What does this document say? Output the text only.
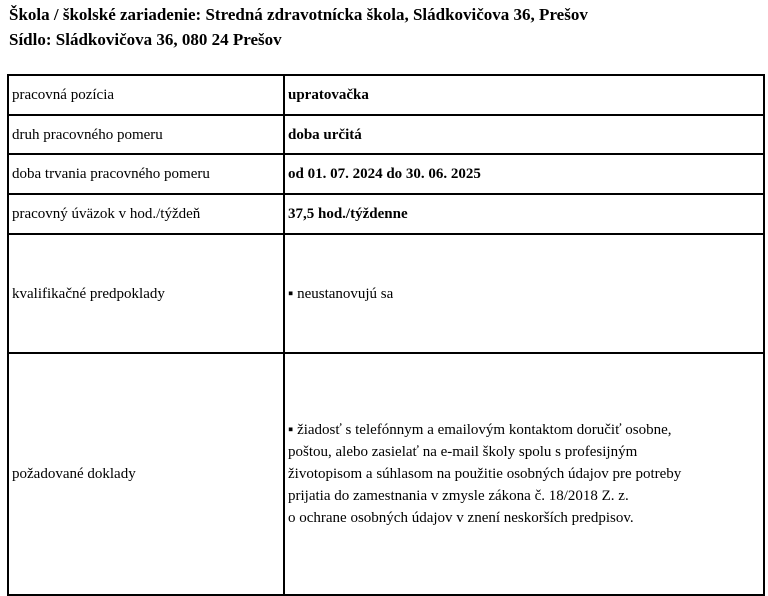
Škola / školské zariadenie: Stredná zdravotnícka škola, Sládkovičova 36, Prešov
Sídlo: Sládkovičova 36, 080 24 Prešov
pracovná pozícia	upratovačka
druh pracovného pomeru	doba určitá
doba trvania pracovného pomeru	od 01. 07. 2024 do 30. 06. 2025
pracovný úväzok v hod./týždeň	37,5 hod./týždenne
kvalifikačné predpoklady	▪ neustanovujú sa
požadované doklady	▪ žiadosť s telefónnym a emailovým kontaktom doručiť osobne,
poštou, alebo zasielať na e-mail školy spolu s profesijným
životopisom a súhlasom na použitie osobných údajov pre potreby
prijatia do zamestnania v zmysle zákona č. 18/2018 Z. z.
o ochrane osobných údajov v znení neskorších predpisov.
